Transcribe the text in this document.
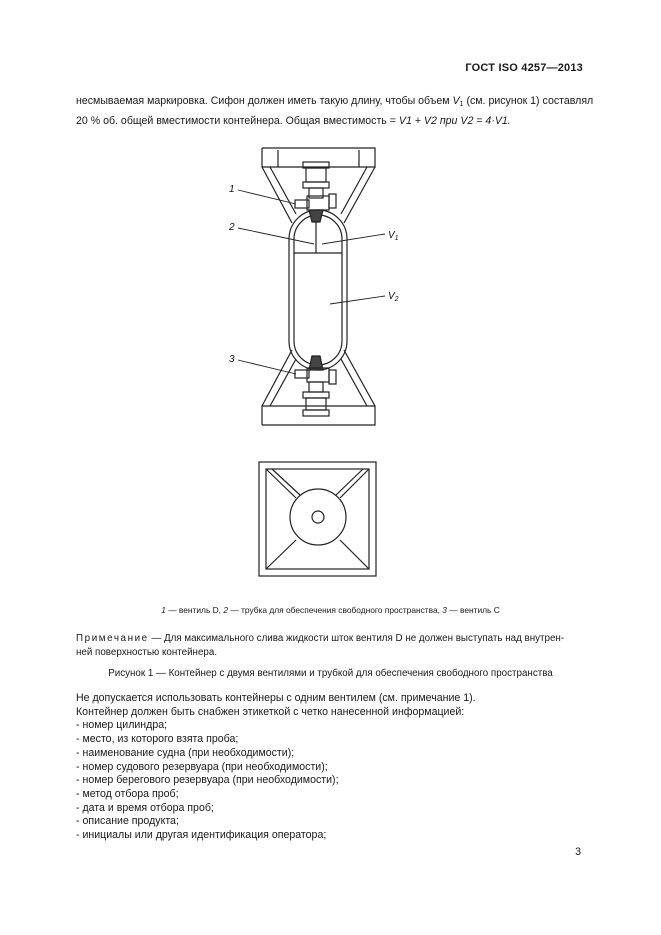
ГОСТ ISO 4257—2013
несмываемая маркировка. Сифон должен иметь такую длину, чтобы объем $V_1$ (см. рисунок 1) составлял
20 % об. общей вместимости контейнера. Общая вместимость = V1 + V2 при V2 = 4·V1.
1
2
3
$V_1$
$V_2$
1 — вентиль D, 2 — трубка для обеспечения свободного пространства, 3 — вентиль С
Примечание — Для максимального слива жидкости шток вентиля D не должен выступать над внутрен-
ней поверхностью контейнера.
Рисунок 1 — Контейнер с двумя вентилями и трубкой для обеспечения свободного пространства
Не допускается использовать контейнеры с одним вентилем (см. примечание 1).
Контейнер должен быть снабжен этикеткой с четко нанесенной информацией:
- номер цилиндра;
- место, из которого взята проба;
- наименование судна (при необходимости);
- номер судового резервуара (при необходимости);
- номер берегового резервуара (при необходимости);
- метод отбора проб;
- дата и время отбора проб;
- описание продукта;
- инициалы или другая идентификация оператора;
3
